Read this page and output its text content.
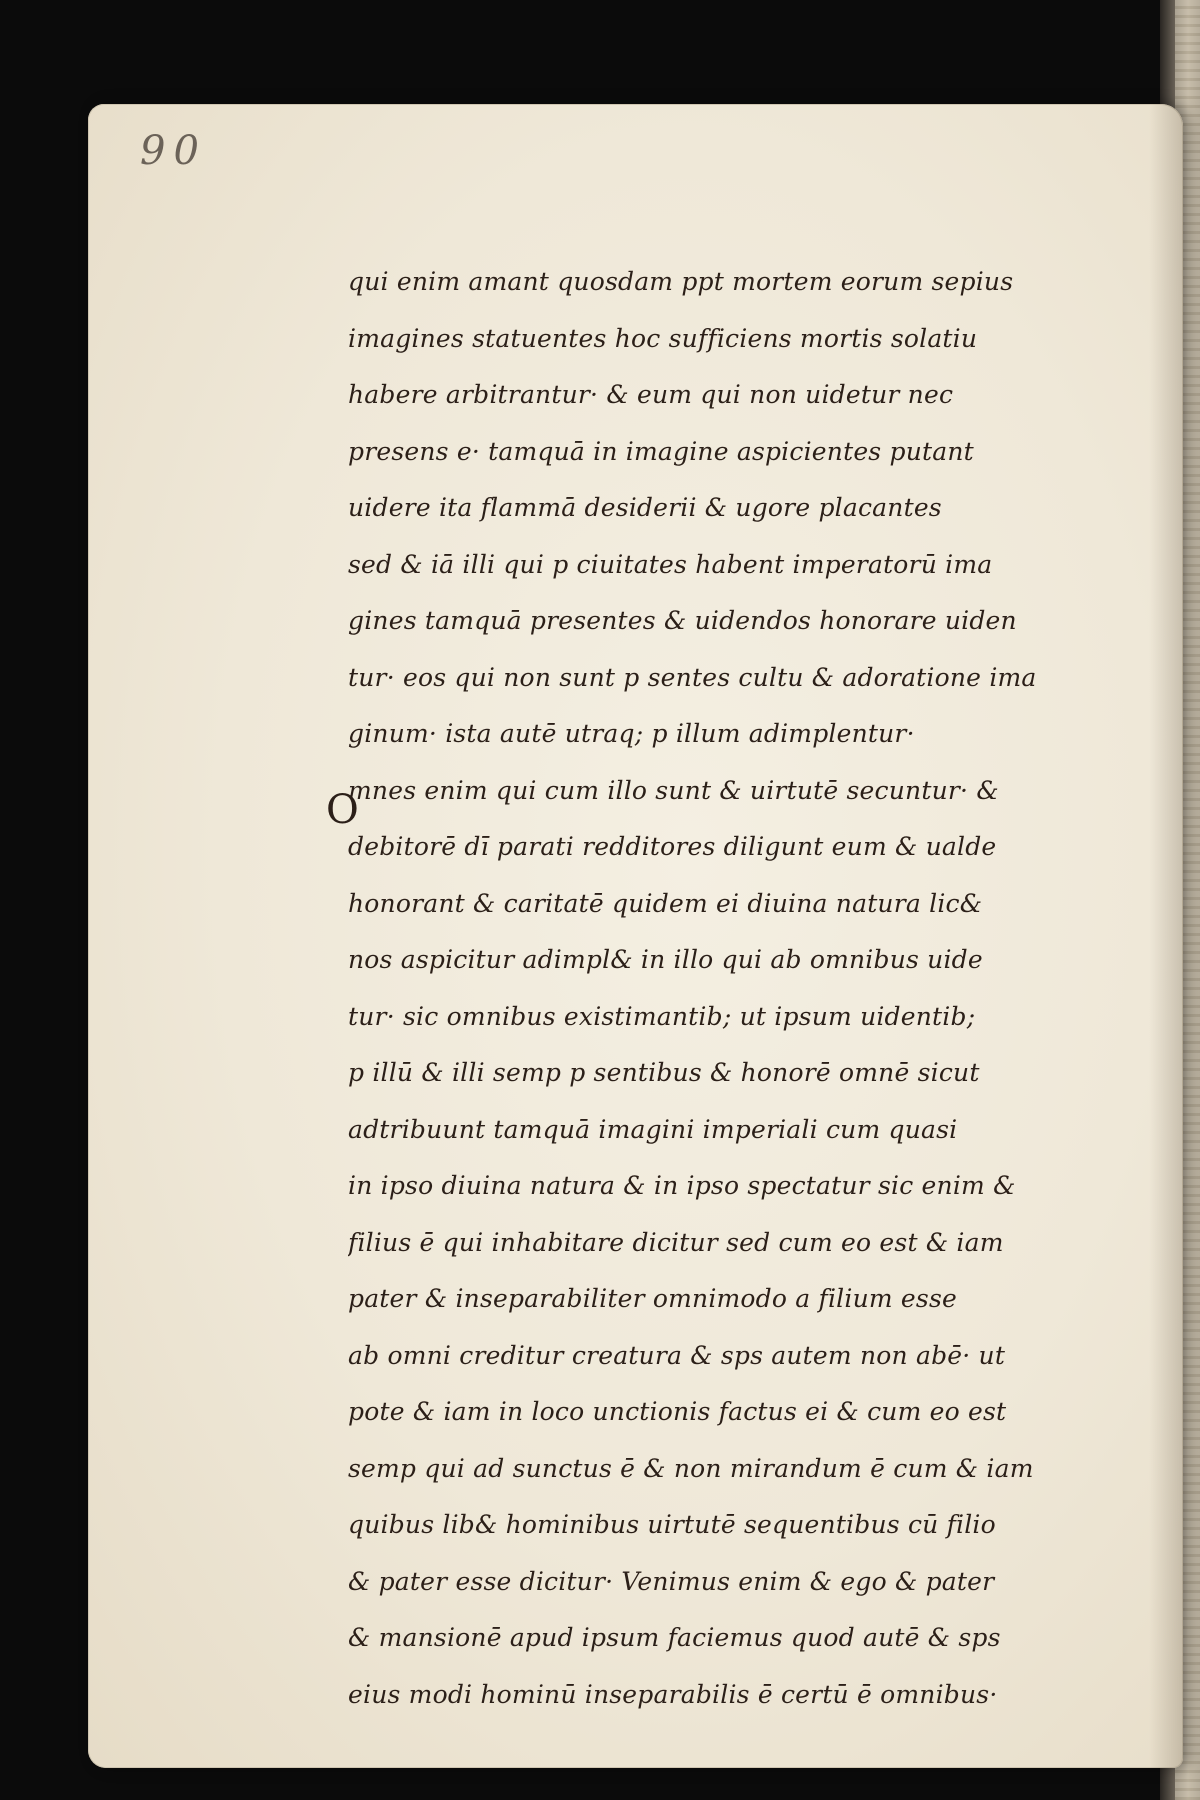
90
qui enim amant quosdam ppt mortem eorum sepius
imagines statuentes hoc sufficiens mortis solatiu
habere arbitrantur· & eum qui non uidetur nec
presens e· tamquā in imagine aspicientes putant
uidere ita flammā desiderii & ugore placantes
sed & iā illi qui p ciuitates habent imperatorū ima
gines tamquā presentes & uidendos honorare uiden
tur· eos qui non sunt p sentes cultu & adoratione ima
ginum· ista autē utraq; p illum adimplentur·
mnes enim qui cum illo sunt & uirtutē secuntur· &
debitorē dī parati redditores diligunt eum & ualde
honorant & caritatē quidem ei diuina natura lic&
nos aspicitur adimpl& in illo qui ab omnibus uide
tur· sic omnibus existimantib; ut ipsum uidentib;
p illū & illi semp p sentibus & honorē omnē sicut
adtribuunt tamquā imagini imperiali cum quasi
in ipso diuina natura & in ipso spectatur sic enim &
filius ē qui inhabitare dicitur sed cum eo est & iam
pater & inseparabiliter omnimodo a filium esse
ab omni creditur creatura & sps autem non abē· ut
pote & iam in loco unctionis factus ei & cum eo est
semp qui ad sunctus ē & non mirandum ē cum & iam
quibus lib& hominibus uirtutē sequentibus cū filio
& pater esse dicitur· Venimus enim & ego & pater
& mansionē apud ipsum faciemus quod autē & sps
eius modi hominū inseparabilis ē certū ē omnibus·
O
